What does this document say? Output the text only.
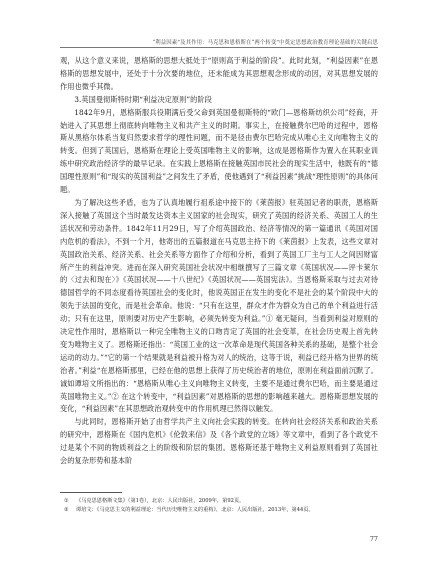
“利益因素”及其作用：马克思和恩格斯在“两个转变”中奠定思想政治教育理论基础的关键启思

观，从这个意义来说，恩格斯的思想大抵处于“原则高于利益的阶段”。此时此刻，“利益因素”在恩格斯的思想发展中，还处于十分次要的地位，还未能成为其思想观念形成的动因，对其思想发展的作用也微乎其微。

3.英国曼彻斯特时期“利益决定原则”的阶段

1842年9月，恩格斯服兵役期满后受父命到英国曼彻斯特的“欧门—恩格斯纺织公司”经商，开始进入了其思想上彻底转向唯物主义和共产主义的时期。事实上，在接触费尔巴哈的过程中，恩格斯从黑格尔体系当复归然要求哲学的理性问题，而不是径由费尔巴哈完成从唯心主义向唯物主义的转变。但到了英国后，恩格斯在理论上受英国唯物主义的影响，这成是恩格斯作为置入在其职业训练中研究政治经济学的最早记录。在实践上恩格斯在接触英国市民社会的现实生活中，他既有的“德国理性原则”和“现实的英国利益”之间发生了矛盾，使他遇到了“利益因素”挑战“理性原则”的具体问题。

为了解决这些矛盾，也为了认真地履行祖系途中接下的《莱茵报》驻英国记者的职责，恩格斯深入接触了英国这个当时最发达资本主义国家的社会现实，研究了英国的经济关系、英国工人的生活状况和劳动条件。1842年11月29日，写了介绍英国政治、经济等情况的第一篇通讯《英国对国内危机的看法》，不到一个月，他寄出的五篇报道在马克思主持下的《莱茵报》上发表，这些文章对英国政治关系、经济关系、社会关系等方面作了介绍和分析，看到了英国工厂主与工人之间因财富所产生的利益冲突。进而在深入研究英国社会状况中相继撰写了三篇文章《英国状况——评卡莱尔的〈过去和现在〉》《英国状况——十八世纪》《英国状况——英国宪法》。当恩格斯采取与过去对待德国哲学的不同态度看待英国社会的变化时，他说英国正在发生的变化不是社会的某个阶段中大的领先于法国的变化，而是社会革命。他说：“只有在这里，群众才作为群众为自己的单个利益进行活动；只有在这里，原则要对历史产生影响，必须先转变为利益。”① 毫无疑问，当看到利益对原则的决定性作用时，恩格斯以一种完全唯物主义的口吻肯定了英国的社会变革，在社会历史观上首先转变为唯物主义了。恩格斯还指出：“英国工业的这一次革命是现代英国各种关系的基础，是整个社会运动的动力。”“它的第一个结果就是利益被升格为对人的统治，这等于说，利益已经升格为世界的统治者。”利益“在恩格斯那里，已经在他的思想上获得了历史统治者的地位，原则在利益面前沉默了。诚如谭培文所指出的：“恩格斯从唯心主义向唯物主义转变，主要不是通过费尔巴哈，而主要是通过英国唯物主义。”② 在这个转变中，“利益因素”对恩格斯的思想的影响越来越大。恩格斯思想发展的变化，“利益因素”在其思想政治观转变中的作用机理已然得以触发。

与此同时，恩格斯开始了由哲学共产主义向社会实践的转变。在转向社会经济关系和政治关系的研究中，恩格斯在《国内危机》《伦敦来信》及《各个政党的立场》等文章中，看到了各个政党不过是某个不同的物质利益之上的阶级和阶层的集团。恩格斯还基于唯物主义利益原则看到了英国社会的复杂形势和基本阶

①	《马克思恩格斯文集》（第1卷），北京：人民出版社，2009年，第92页。
②	谭培文：《马克思主义的利益理论：当代历史唯物主义的重构》，北京：人民出版社，2013年，第44页。
77
